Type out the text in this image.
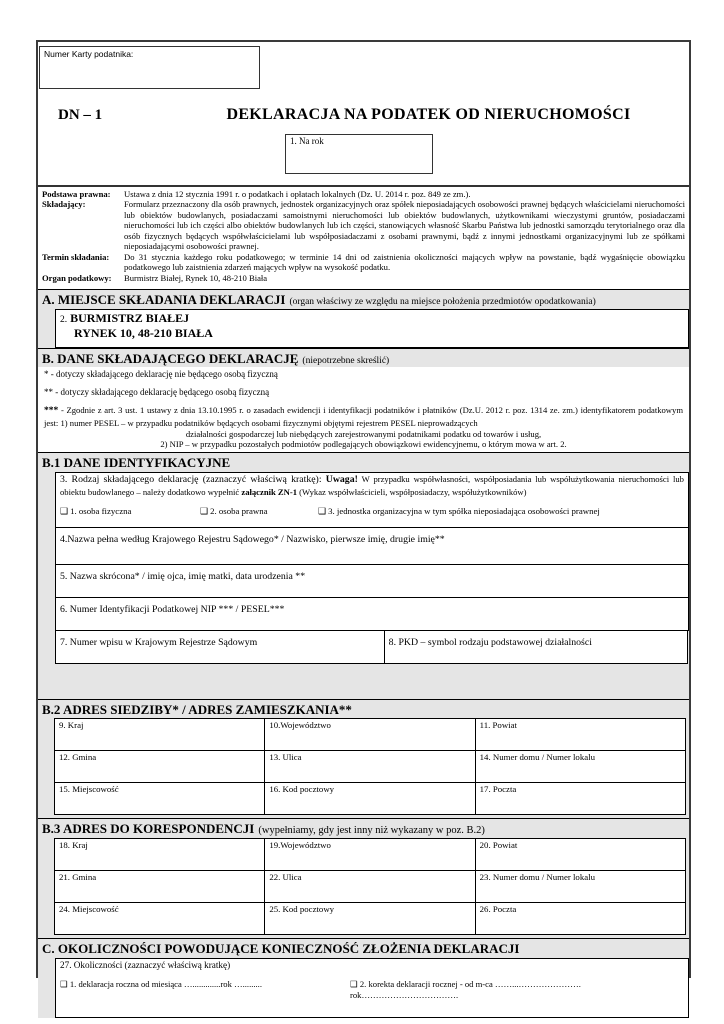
Numer Karty podatnika:
DN – 1	DEKLARACJA NA PODATEK OD NIERUCHOMOŚCI
1. Na rok
Podstawa prawna:	Ustawa z dnia 12 stycznia 1991 r. o podatkach i opłatach lokalnych (Dz. U. 2014 r. poz. 849 ze zm.).
Składający:	Formularz przeznaczony dla osób prawnych, jednostek organizacyjnych oraz spółek nieposiadających osobowości prawnej będących właścicielami nieruchomości lub obiektów budowlanych, posiadaczami samoistnymi nieruchomości lub obiektów budowlanych, użytkownikami wieczystymi gruntów, posiadaczami nieruchomości lub ich części albo obiektów budowlanych lub ich części, stanowiących własność Skarbu Państwa lub jednostki samorządu terytorialnego oraz dla osób fizycznych będących współwłaścicielami lub współposiadaczami z osobami prawnymi, bądź z innymi jednostkami organizacyjnymi lub ze spółkami nieposiadającymi osobowości prawnej.
Termin składania:	Do 31 stycznia każdego roku podatkowego; w terminie 14 dni od zaistnienia okoliczności mających wpływ na powstanie, bądź wygaśnięcie obowiązku podatkowego lub zaistnienia zdarzeń mających wpływ na wysokość podatku.
Organ podatkowy:	Burmistrz Białej, Rynek 10, 48-210 Biała
A. MIEJSCE SKŁADANIA DEKLARACJI (organ właściwy ze względu na miejsce położenia przedmiotów opodatkowania)
2. BURMISTRZ BIAŁEJ
RYNEK 10, 48-210 BIAŁA
B. DANE SKŁADAJĄCEGO DEKLARACJĘ (niepotrzebne skreślić)
* - dotyczy składającego deklarację nie będącego osobą fizyczną
** - dotyczy składającego deklarację będącego osobą fizyczną
*** - Zgodnie z art. 3 ust. 1 ustawy z dnia 13.10.1995 r. o zasadach ewidencji i identyfikacji podatników i płatników (Dz.U. 2012 r. poz. 1314 ze. zm.) identyfikatorem podatkowym jest: 1) numer PESEL – w przypadku podatników będących osobami fizycznymi objętymi rejestrem PESEL nieprowadzących
działalności gospodarczej lub niebędących zarejestrowanymi podatnikami podatku od towarów i usług,
2) NIP – w przypadku pozostałych podmiotów podlegających obowiązkowi ewidencyjnemu, o którym mowa w art. 2.
B.1 DANE IDENTYFIKACYJNE
3. Rodzaj składającego deklarację (zaznaczyć właściwą kratkę): Uwaga! W przypadku współwłasności, współposiadania lub współużytkowania nieruchomości lub obiektu budowlanego – należy dodatkowo wypełnić załącznik ZN-1 (Wykaz współwłaścicieli, współposiadaczy, współużytkowników)
❑ 1. osoba fizyczna	❑ 2. osoba prawna	❑ 3. jednostka organizacyjna w tym spółka nieposiadająca osobowości prawnej
4.Nazwa pełna według Krajowego Rejestru Sądowego* / Nazwisko, pierwsze imię, drugie imię**
5. Nazwa skrócona* / imię ojca, imię matki, data urodzenia **
6. Numer Identyfikacji Podatkowej NIP *** / PESEL***
7. Numer wpisu w Krajowym Rejestrze Sądowym	8. PKD – symbol rodzaju podstawowej działalności
B.2 ADRES SIEDZIBY* / ADRES ZAMIESZKANIA**
9. Kraj	10.Województwo	11. Powiat
12. Gmina	13. Ulica	14. Numer domu / Numer lokalu
15. Miejscowość	16. Kod pocztowy	17. Poczta
B.3 ADRES DO KORESPONDENCJI (wypełniamy, gdy jest inny niż wykazany w poz. B.2)
18. Kraj	19.Województwo	20. Powiat
21. Gmina	22. Ulica	23. Numer domu / Numer lokalu
24. Miejscowość	25. Kod pocztowy	26. Poczta
C. OKOLICZNOŚCI POWODUJĄCE KONIECZNOŚĆ ZŁOŻENIA DEKLARACJI
27. Okoliczności (zaznaczyć właściwą kratkę)
❑ 1. deklaracja roczna od miesiąca ….............rok ….........	❑ 2. korekta deklaracji rocznej - od m-ca ……...…………………. rok…………………………….
